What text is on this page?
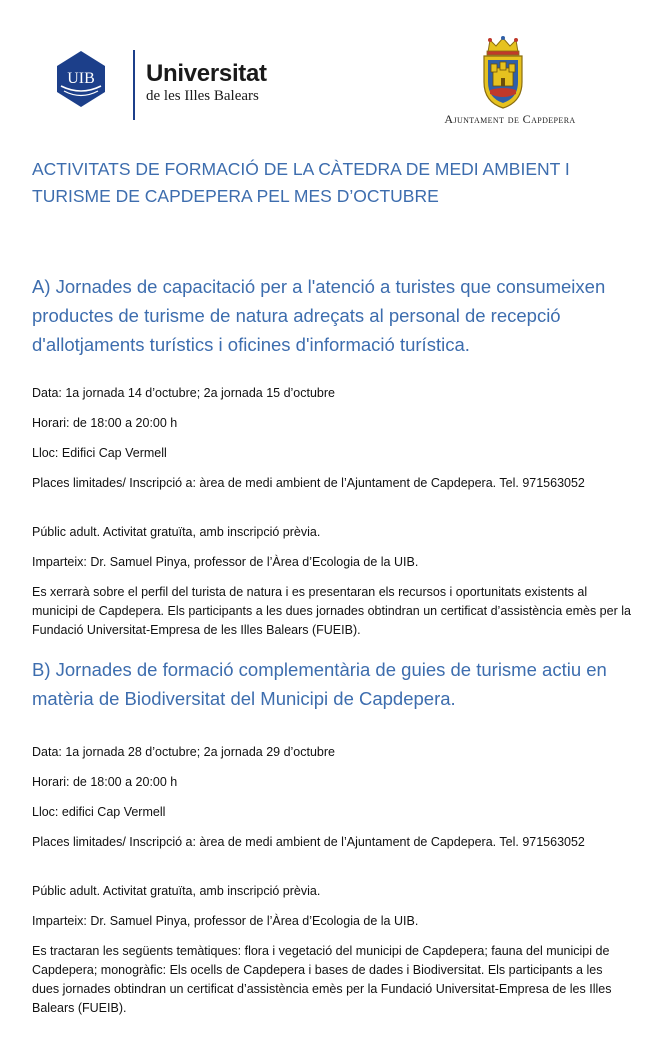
UIB Universitat
de les Illes Balears
Ajuntament de Capdepera
ACTIVITATS DE FORMACIÓ DE LA CÀTEDRA DE MEDI AMBIENT I TURISME DE CAPDEPERA PEL MES D’OCTUBRE
A) Jornades de capacitació per a l'atenció a turistes que consumeixen productes de turisme de natura adreçats al personal de recepció d'allotjaments turístics i oficines d'informació turística.
Data: 1a jornada 14 d’octubre; 2a jornada 15 d’octubre
Horari: de 18:00 a 20:00 h
Lloc: Edifici Cap Vermell
Places limitades/ Inscripció a: àrea de medi ambient de l’Ajuntament de Capdepera. Tel. 971563052
Públic adult. Activitat gratuïta, amb inscripció prèvia.
Imparteix: Dr. Samuel Pinya, professor de l’Àrea d’Ecologia de la UIB.
Es xerrarà sobre el perfil del turista de natura i es presentaran els recursos i oportunitats existents al municipi de Capdepera. Els participants a les dues jornades obtindran un certificat d’assistència emès per la Fundació Universitat-Empresa de les Illes Balears (FUEIB).
B) Jornades de formació complementària de guies de turisme actiu en matèria de Biodiversitat del Municipi de Capdepera.
Data: 1a jornada 28 d’octubre; 2a jornada 29 d’octubre
Horari: de 18:00 a 20:00 h
Lloc: edifici Cap Vermell
Places limitades/ Inscripció a: àrea de medi ambient de l’Ajuntament de Capdepera. Tel. 971563052
Públic adult. Activitat gratuïta, amb inscripció prèvia.
Imparteix: Dr. Samuel Pinya, professor de l’Àrea d’Ecologia de la UIB.
Es tractaran les següents temàtiques: flora i vegetació del municipi de Capdepera; fauna del municipi de Capdepera; monogràfic: Els ocells de Capdepera i bases de dades i Biodiversitat. Els participants a les dues jornades obtindran un certificat d’assistència emès per la Fundació Universitat-Empresa de les Illes Balears (FUEIB).
